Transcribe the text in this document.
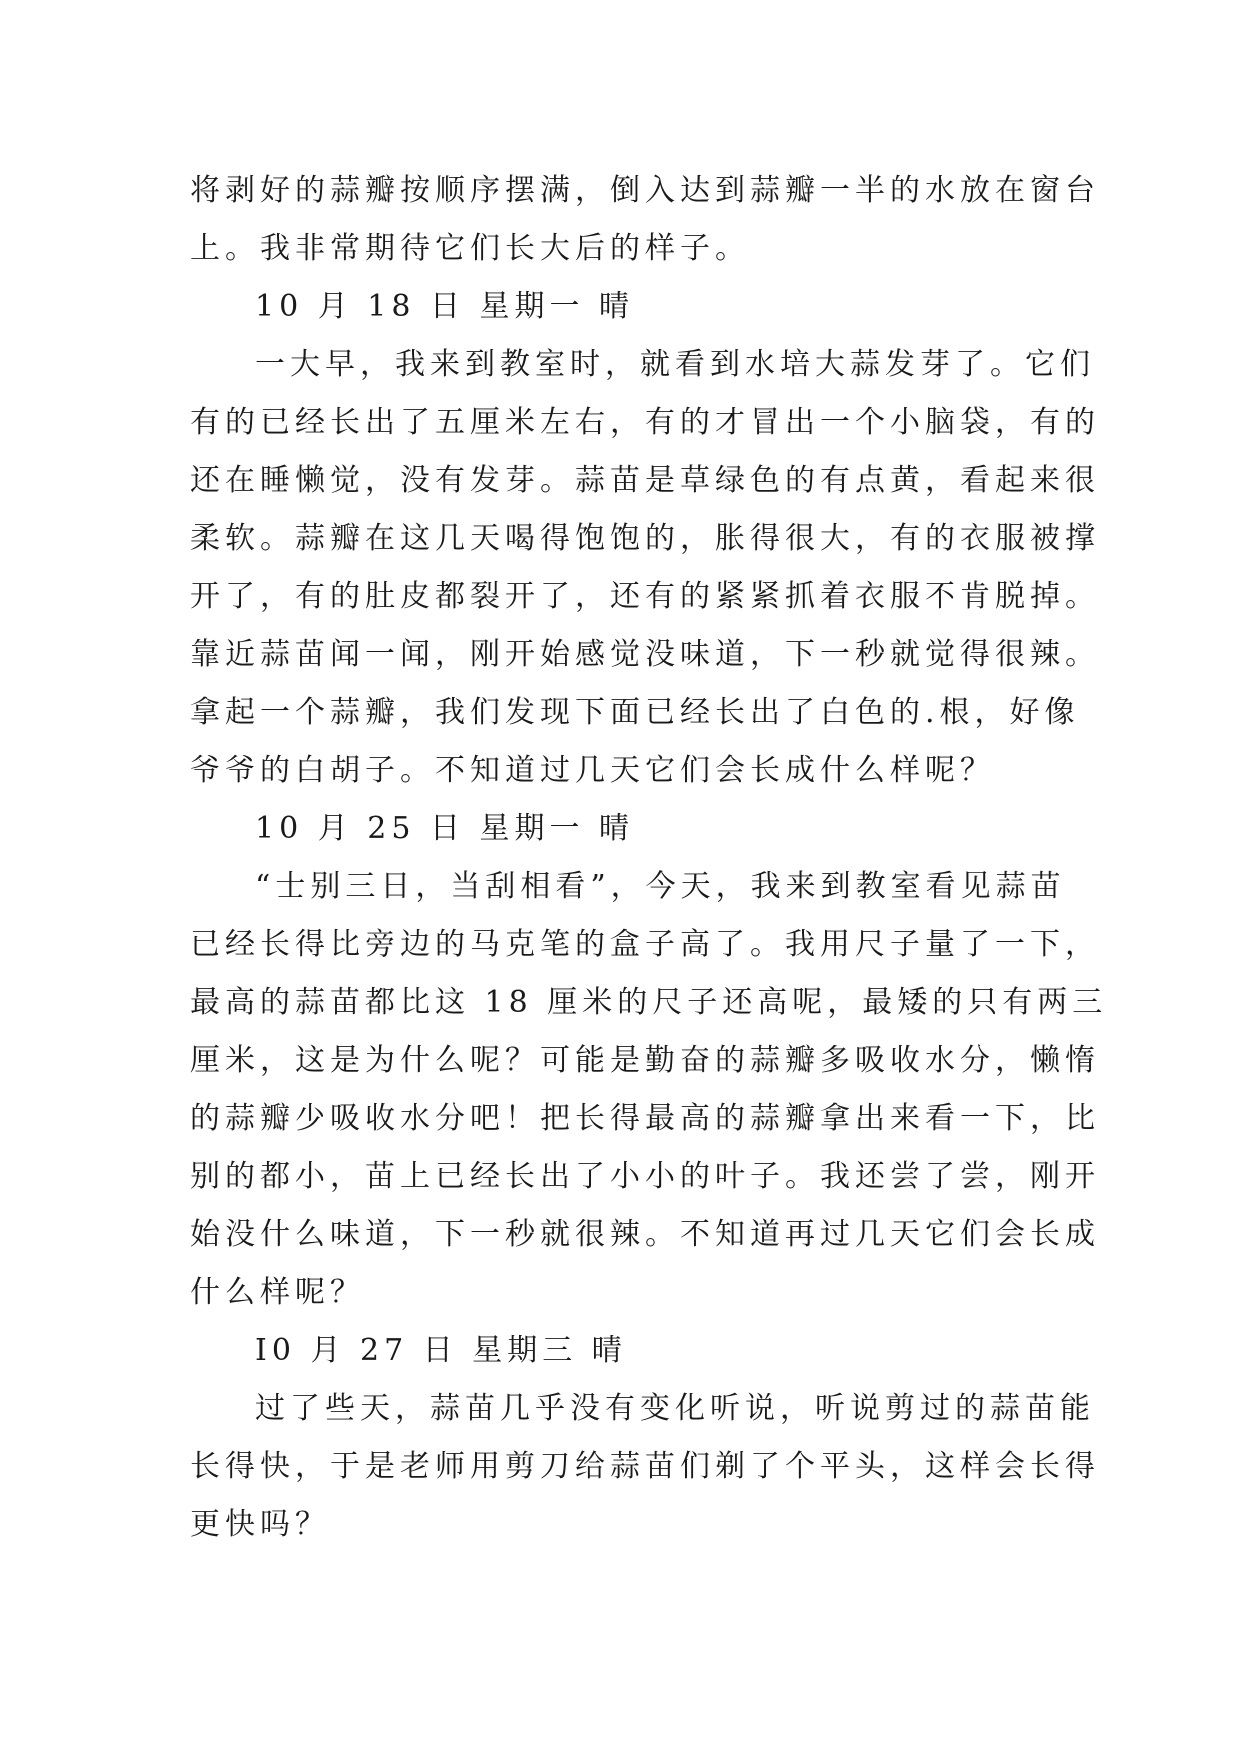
将剥好的蒜瓣按顺序摆满，倒入达到蒜瓣一半的水放在窗台
上。我非常期待它们长大后的样子。
10 月 18 日 星期一 晴
一大早，我来到教室时，就看到水培大蒜发芽了。它们
有的已经长出了五厘米左右，有的才冒出一个小脑袋，有的
还在睡懒觉，没有发芽。蒜苗是草绿色的有点黄，看起来很
柔软。蒜瓣在这几天喝得饱饱的，胀得很大，有的衣服被撑
开了，有的肚皮都裂开了，还有的紧紧抓着衣服不肯脱掉。
靠近蒜苗闻一闻，刚开始感觉没味道，下一秒就觉得很辣。
拿起一个蒜瓣，我们发现下面已经长出了白色的.根，好像
爷爷的白胡子。不知道过几天它们会长成什么样呢？
10 月 25 日 星期一 晴
“士别三日，当刮相看”，今天，我来到教室看见蒜苗
已经长得比旁边的马克笔的盒子高了。我用尺子量了一下，
最高的蒜苗都比这 18 厘米的尺子还高呢，最矮的只有两三
厘米，这是为什么呢？可能是勤奋的蒜瓣多吸收水分，懒惰
的蒜瓣少吸收水分吧！把长得最高的蒜瓣拿出来看一下，比
别的都小，苗上已经长出了小小的叶子。我还尝了尝，刚开
始没什么味道，下一秒就很辣。不知道再过几天它们会长成
什么样呢？
I0 月 27 日 星期三 晴
过了些天，蒜苗几乎没有变化听说，听说剪过的蒜苗能
长得快，于是老师用剪刀给蒜苗们剃了个平头，这样会长得
更快吗？
